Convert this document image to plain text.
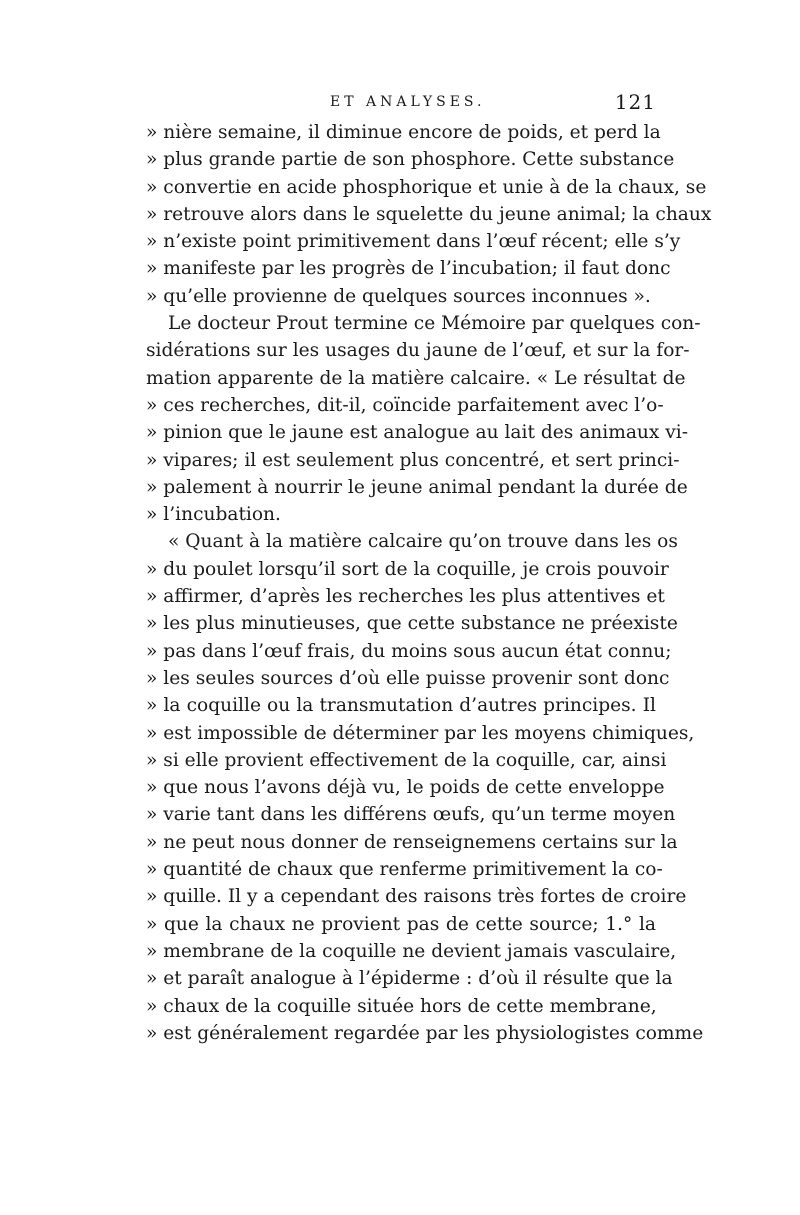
ET ANALYSES.	121
» nière semaine, il diminue encore de poids, et perd la
» plus grande partie de son phosphore. Cette substance
» convertie en acide phosphorique et unie à de la chaux, se
» retrouve alors dans le squelette du jeune animal; la chaux
» n’existe point primitivement dans l’œuf récent; elle s’y
» manifeste par les progrès de l’incubation; il faut donc
» qu’elle provienne de quelques sources inconnues ».
Le docteur Prout termine ce Mémoire par quelques con-
sidérations sur les usages du jaune de l’œuf, et sur la for-
mation apparente de la matière calcaire. « Le résultat de
» ces recherches, dit-il, coïncide parfaitement avec l’o-
» pinion que le jaune est analogue au lait des animaux vi-
» vipares; il est seulement plus concentré, et sert princi-
» palement à nourrir le jeune animal pendant la durée de
» l’incubation.
« Quant à la matière calcaire qu’on trouve dans les os
» du poulet lorsqu’il sort de la coquille, je crois pouvoir
» affirmer, d’après les recherches les plus attentives et
» les plus minutieuses, que cette substance ne préexiste
» pas dans l’œuf frais, du moins sous aucun état connu;
» les seules sources d’où elle puisse provenir sont donc
» la coquille ou la transmutation d’autres principes. Il
» est impossible de déterminer par les moyens chimiques,
» si elle provient effectivement de la coquille, car, ainsi
» que nous l’avons déjà vu, le poids de cette enveloppe
» varie tant dans les différens œufs, qu’un terme moyen
» ne peut nous donner de renseignemens certains sur la
» quantité de chaux que renferme primitivement la co-
» quille. Il y a cependant des raisons très fortes de croire
» que la chaux ne provient pas de cette source; 1.° la
» membrane de la coquille ne devient jamais vasculaire,
» et paraît analogue à l’épiderme : d’où il résulte que la
» chaux de la coquille située hors de cette membrane,
» est généralement regardée par les physiologistes comme
